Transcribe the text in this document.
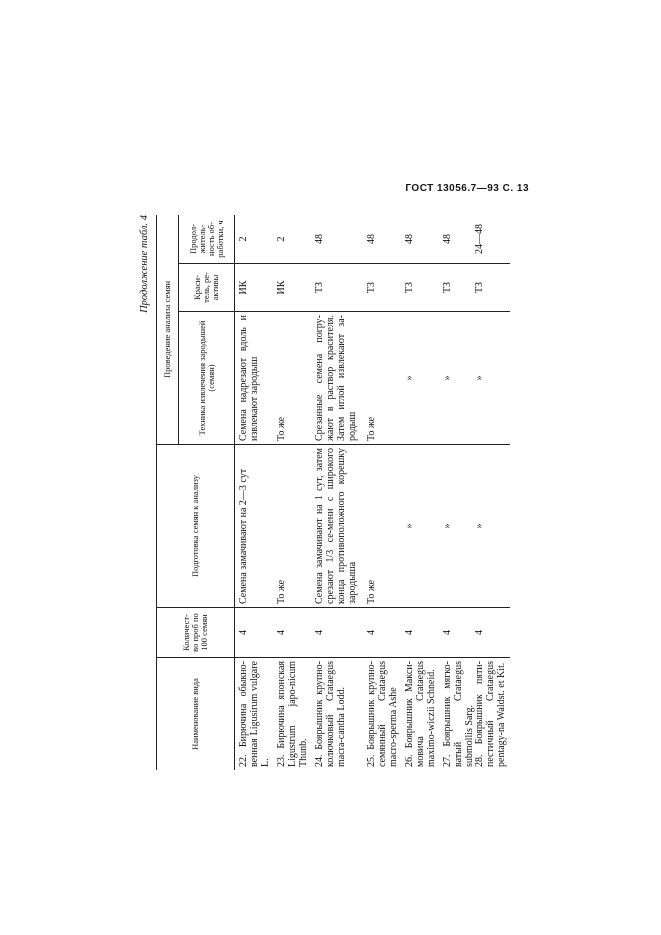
ГОСТ 13056.7—93 С. 13
Продолжение табл. 4
Проведение анализа семян
Наименование вида
Количест-во проб по 100 семян
Подготовка семян к анализу
Техника извлечения зародышей (семян)
Краси-тель, ре-активы
Продол-житель-ность об-работки, ч
22. Бирючина обыкно-венная Ligusirum vulgare L.
4
Семена замачивают на 2—3 сут
Семена надрезают вдоль и извлекают зародыш
ИК
2
23. Бирючина японская Ligustrum japo-nicum Thunb.
4
То же
То же
ИК
2
24. Боярышник крупно-колючковый Crataegus macra-cantha Lodd.
4
Семена замачивают на 1 сут, затем срезают 1/3 се-мени с широкого конца противоположного корешку зародыша
Срезанные семена погру-жают в раствор красителя. Затем иглой извлекают за-родыш
ТЗ
48
25. Боярышник крупно-семянный Crataegus macro-sperma Ashe
4
То же
То же
ТЗ
48
26. Боярышник Макси-мовича Crataegus maximo-wiczii Schneid.
4
»
»
ТЗ
48
27. Боярышник мягко-ватый Crataegus submollis Sarg.
4
»
»
ТЗ
48
28. Боярышник пяти-пестичный Crataegus pentagy-na Waldst. et Kit.
4
»
»
ТЗ
24—48
